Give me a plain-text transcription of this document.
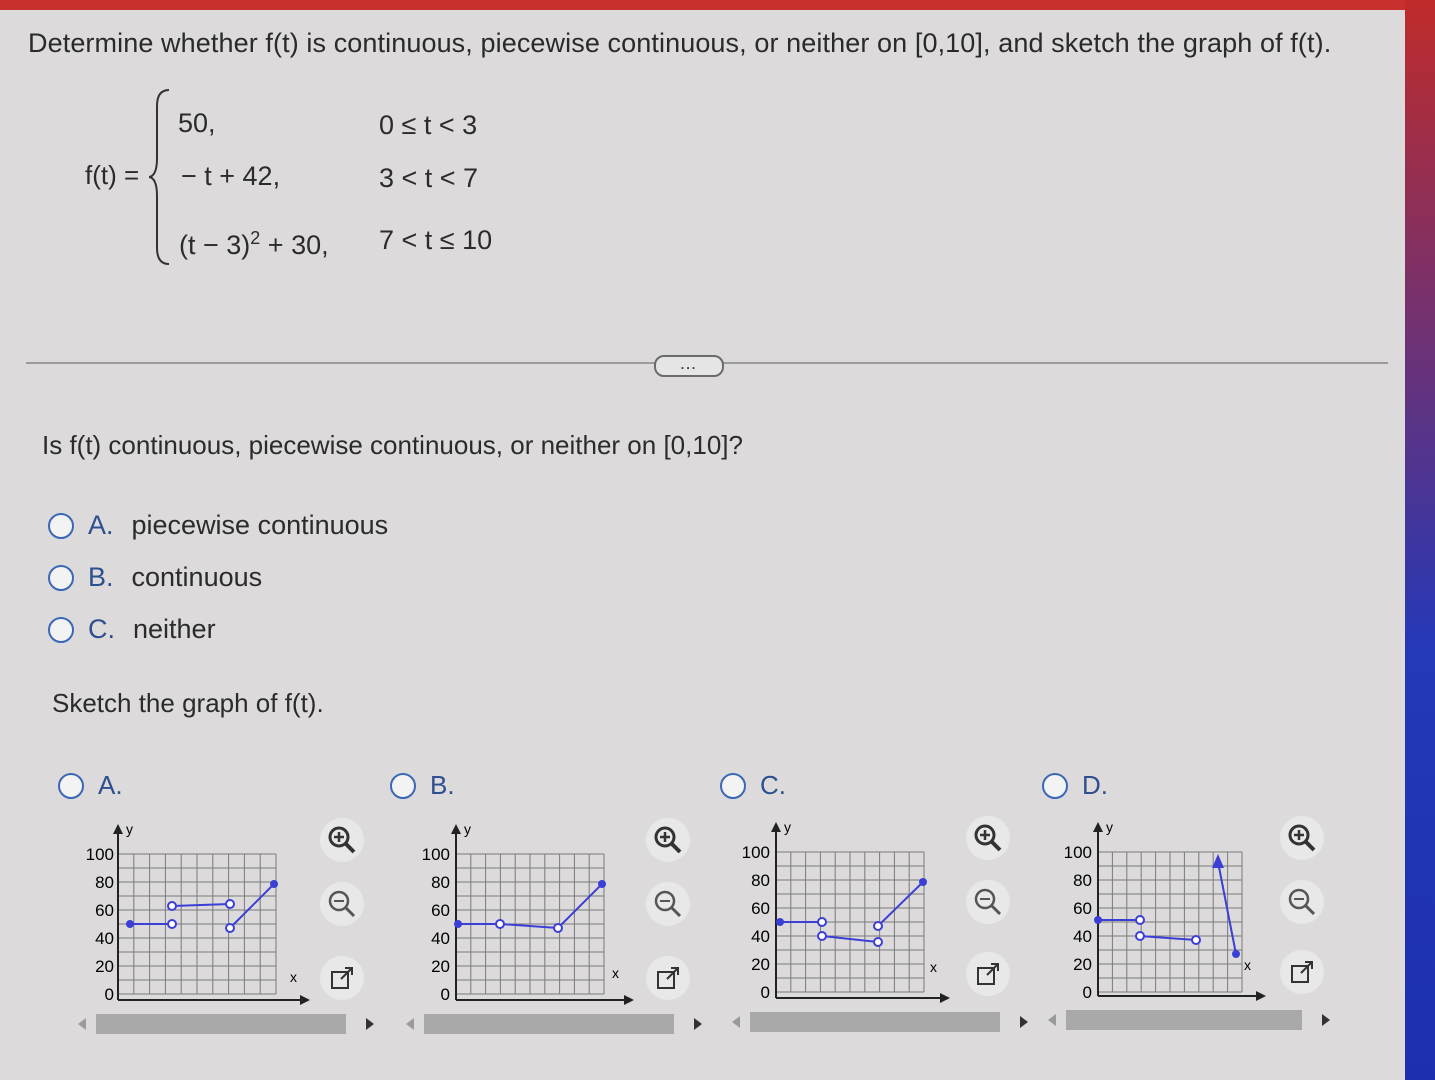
Determine whether f(t) is continuous, piecewise continuous, or neither on [0,10], and sketch the graph of f(t).
f(t) =
50,	0 ≤ t < 3
− t + 42,	3 < t < 7
$(t - 3)^2 + 30$, 7 < t ≤ 10
...
Is f(t) continuous, piecewise continuous, or neither on [0,10]?
A. piecewise continuous
B. continuous
C. neither
Sketch the graph of f(t).
A.
y
x
100
80
60
40
20
0
B.
y
x
100
80
60
40
20
0
C.
y
x
100
80
60
40
20
0
D.
y
x
100
80
60
40
20
0
